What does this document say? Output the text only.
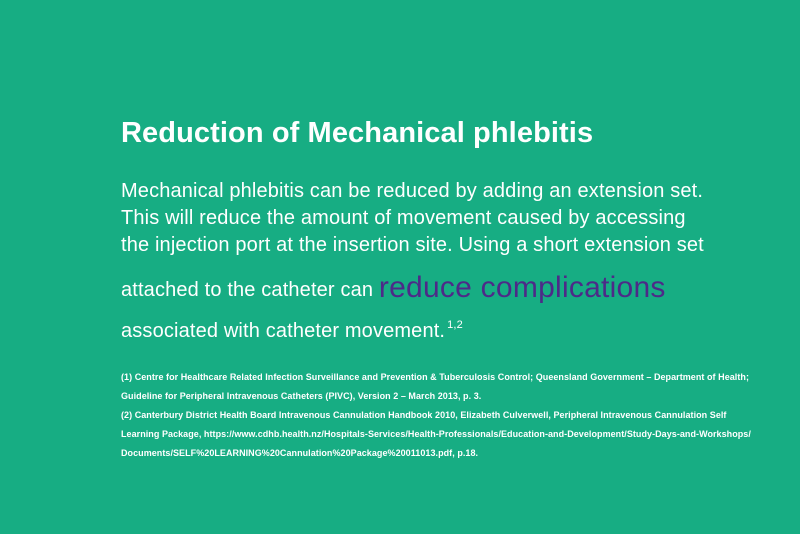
Reduction of Mechanical phlebitis
Mechanical phlebitis can be reduced by adding an extension set.
This will reduce the amount of movement caused by accessing
the injection port at the insertion site. Using a short extension set
attached to the catheter can reduce complications
associated with catheter movement. $^{1,2}$
(1) Centre for Healthcare Related Infection Surveillance and Prevention & Tuberculosis Control; Queensland Government – Department of Health;
Guideline for Peripheral Intravenous Catheters (PIVC), Version 2 – March 2013, p. 3.
(2) Canterbury District Health Board Intravenous Cannulation Handbook 2010, Elizabeth Culverwell, Peripheral Intravenous Cannulation Self
Learning Package, https://www.cdhb.health.nz/Hospitals-Services/Health-Professionals/Education-and-Development/Study-Days-and-Workshops/
Documents/SELF%20LEARNING%20Cannulation%20Package%20011013.pdf, p.18.
